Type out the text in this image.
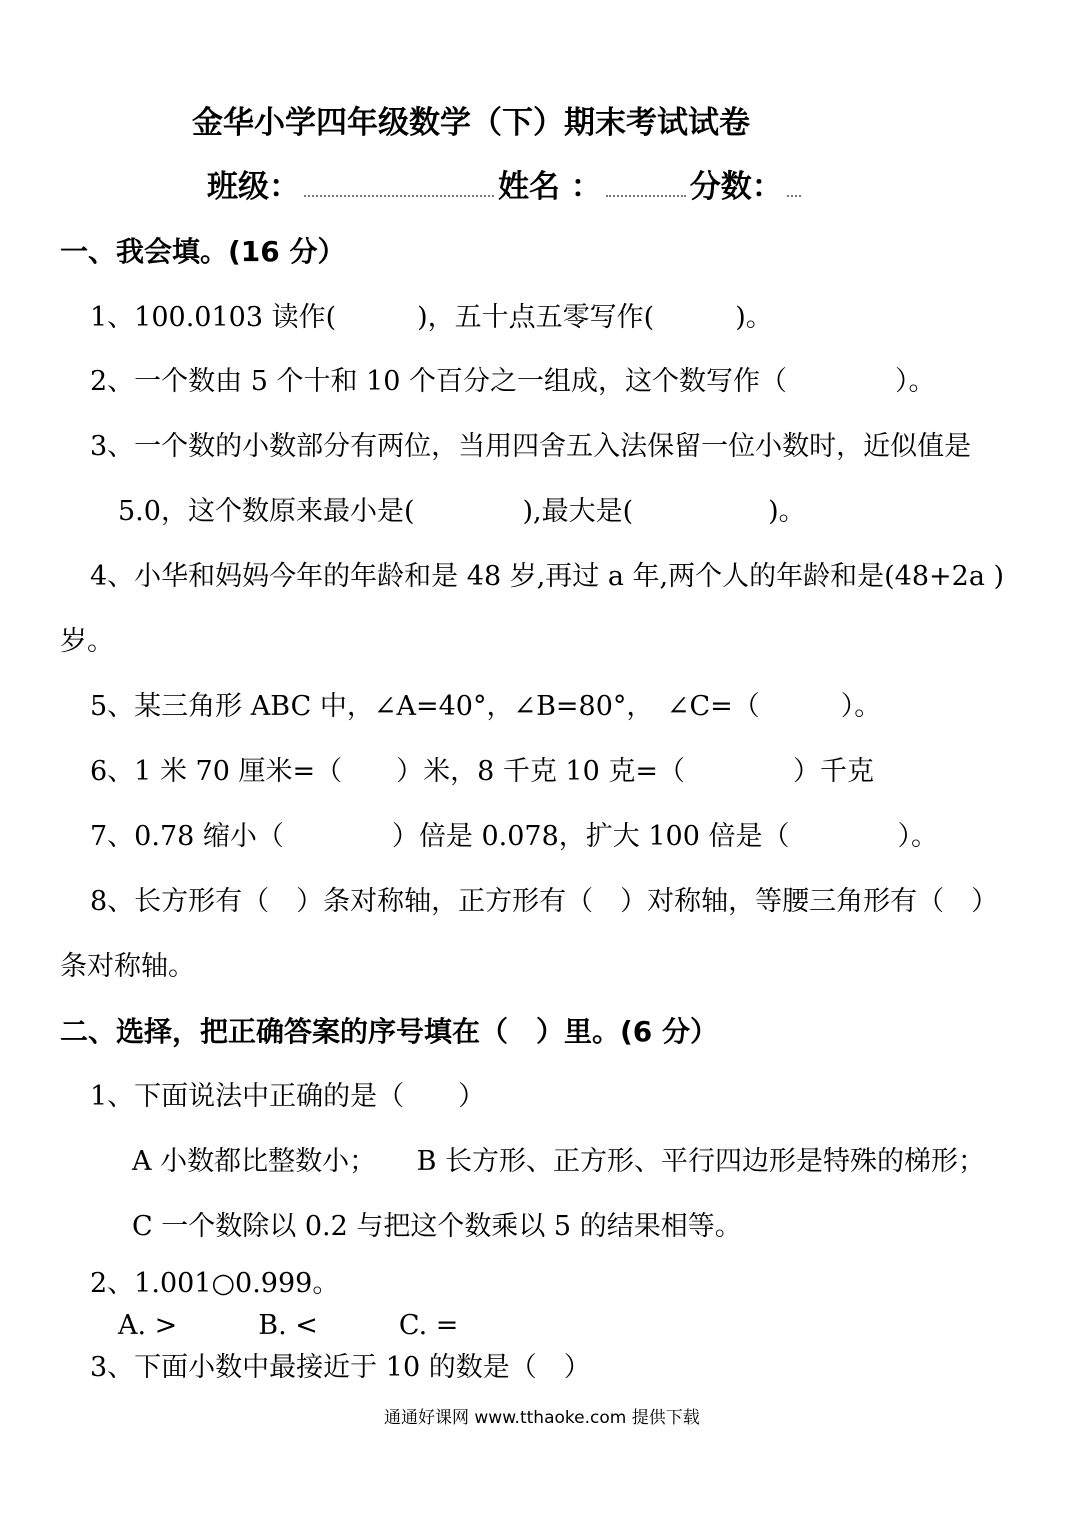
金华小学四年级数学（下）期末考试试卷
班级：	姓名 ：	分数：
一、我会填。(16 分）
1、100.0103 读作(　　　)，五十点五零写作(　　　)。
2、一个数由 5 个十和 10 个百分之一组成，这个数写作（　　　　）。
3、一个数的小数部分有两位，当用四舍五入法保留一位小数时，近似值是
5.0，这个数原来最小是(　　　　),最大是(　　　　　)。
4、小华和妈妈今年的年龄和是 48 岁,再过 a 年,两个人的年龄和是(48+2a )
岁。
5、某三角形 ABC 中，∠A=40°，∠B=80°，　∠C=（　　　）。
6、1 米 70 厘米=（　　）米，8 千克 10 克=（　　　　）千克
7、0.78 缩小（　　　　）倍是 0.078，扩大 100 倍是（　　　　）。
8、长方形有（　）条对称轴，正方形有（　）对称轴，等腰三角形有（　）
条对称轴。
二、选择，把正确答案的序号填在（　）里。(6 分）
1、下面说法中正确的是（　　）
A 小数都比整数小；　　B 长方形、正方形、平行四边形是特殊的梯形；
C 一个数除以 0.2 与把这个数乘以 5 的结果相等。
2、1.001○0.999。
A. >　　　B. <　　　C. =
3、下面小数中最接近于 10 的数是（　）
通通好课网 www.tthaoke.com 提供下载
